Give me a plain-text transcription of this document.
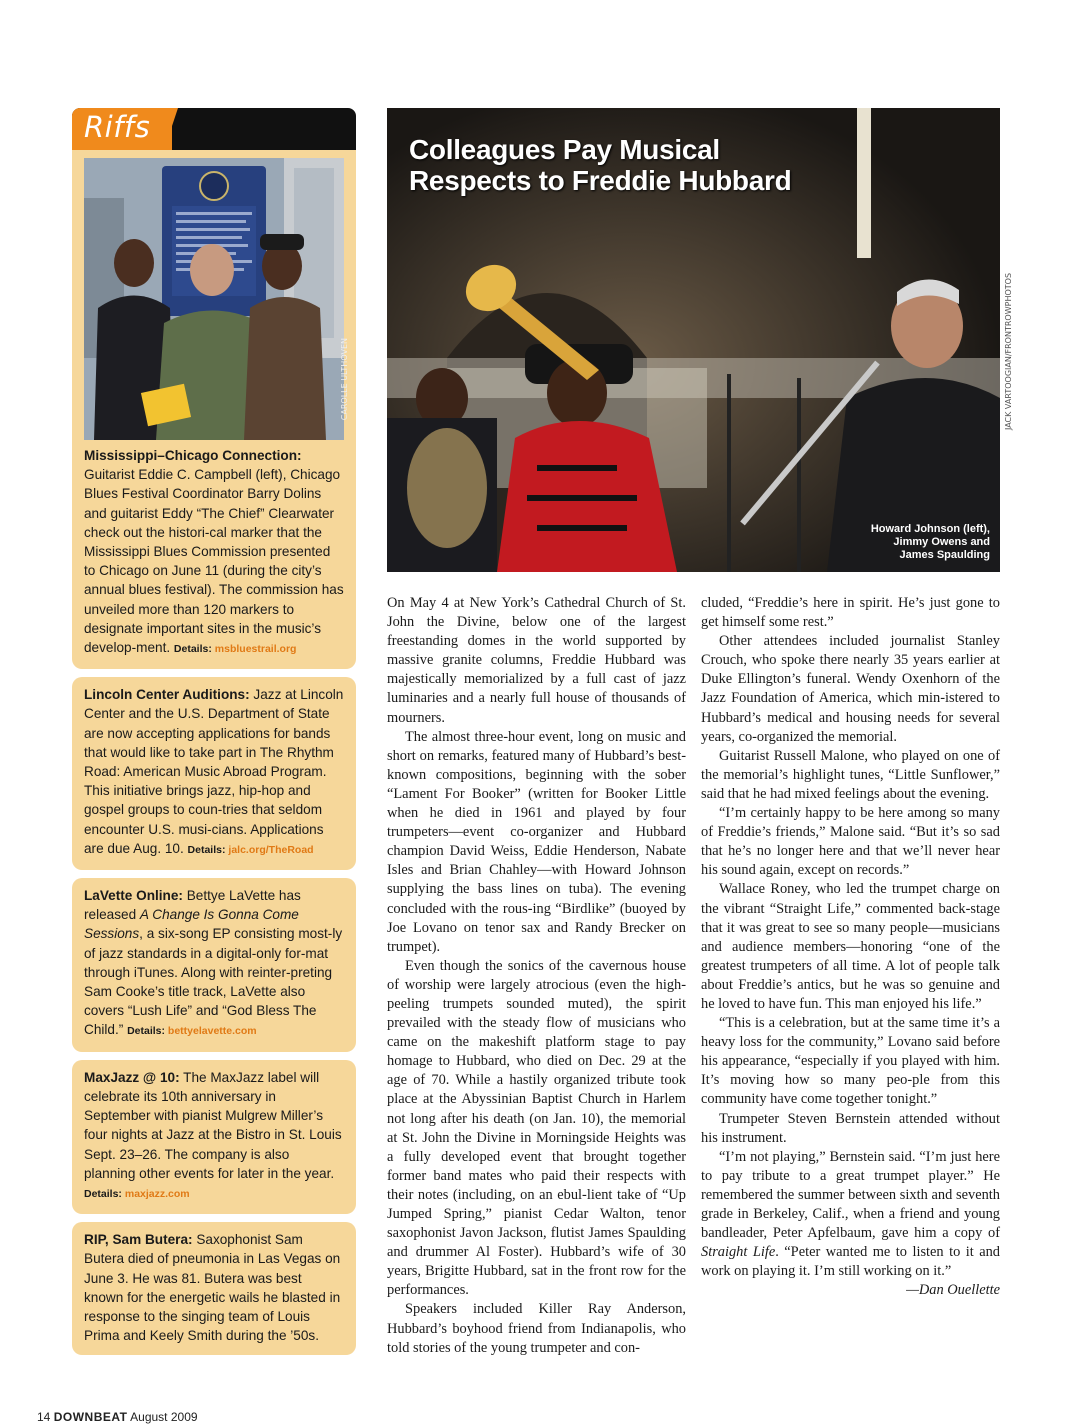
Riffs
CAROLLE ULTHOVEN
Mississippi–Chicago Connection: Guitarist Eddie C. Campbell (left), Chicago Blues Festival Coordinator Barry Dolins and guitarist Eddy “The Chief” Clearwater check out the histori-cal marker that the Mississippi Blues Commission presented to Chicago on June 11 (during the city’s annual blues festival). The commission has unveiled more than 120 markers to designate important sites in the music’s develop-ment. Details: msbluestrail.org
Lincoln Center Auditions: Jazz at Lincoln Center and the U.S. Department of State are now accepting applications for bands that would like to take part in The Rhythm Road: American Music Abroad Program. This initiative brings jazz, hip-hop and gospel groups to coun-tries that seldom encounter U.S. musi-cians. Applications are due Aug. 10. Details: jalc.org/TheRoad
LaVette Online: Bettye LaVette has released A Change Is Gonna Come Sessions, a six-song EP consisting most-ly of jazz standards in a digital-only for-mat through iTunes. Along with reinter-preting Sam Cooke’s title track, LaVette also covers “Lush Life” and “God Bless The Child.” Details: bettyelavette.com
MaxJazz @ 10: The MaxJazz label will celebrate its 10th anniversary in September with pianist Mulgrew Miller’s four nights at Jazz at the Bistro in St. Louis Sept. 23–26. The company is also planning other events for later in the year. Details: maxjazz.com
RIP, Sam Butera: Saxophonist Sam Butera died of pneumonia in Las Vegas on June 3. He was 81. Butera was best known for the energetic wails he blasted in response to the singing team of Louis Prima and Keely Smith during the ’50s.
Colleagues Pay Musical
Respects to Freddie Hubbard
Howard Johnson (left),
Jimmy Owens and
James Spaulding
JACK VARTOOGIAN/FRONTROWPHOTOS

On May 4 at New York’s Cathedral Church of St. John the Divine, below one of the largest freestanding domes in the world supported by massive granite columns, Freddie Hubbard was majestically memorialized by a full cast of jazz luminaries and a nearly full house of thousands of mourners.

The almost three-hour event, long on music and short on remarks, featured many of Hubbard’s best-known compositions, beginning with the sober “Lament For Booker” (written for Booker Little when he died in 1961 and played by four trumpeters—event co-organizer and Hubbard champion David Weiss, Eddie Henderson, Nabate Isles and Brian Chahley—with Howard Johnson supplying the bass lines on tuba). The evening concluded with the rous-ing “Birdlike” (buoyed by Joe Lovano on tenor sax and Randy Brecker on trumpet).

Even though the sonics of the cavernous house of worship were largely atrocious (even the high-peeling trumpets sounded muted), the spirit prevailed with the steady flow of musicians who came on the makeshift platform stage to pay homage to Hubbard, who died on Dec. 29 at the age of 70. While a hastily organized tribute took place at the Abyssinian Baptist Church in Harlem not long after his death (on Jan. 10), the memorial at St. John the Divine in Morningside Heights was a fully developed event that brought together former band mates who paid their respects with their notes (including, on an ebul-lient take of “Up Jumped Spring,” pianist Cedar Walton, tenor saxophonist Javon Jackson, flutist James Spaulding and drummer Al Foster). Hubbard’s wife of 30 years, Brigitte Hubbard, sat in the front row for the performances.

Speakers included Killer Ray Anderson, Hubbard’s boyhood friend from Indianapolis, who told stories of the young trumpeter and con-

cluded, “Freddie’s here in spirit. He’s just gone to get himself some rest.”

Other attendees included journalist Stanley Crouch, who spoke there nearly 35 years earlier at Duke Ellington’s funeral. Wendy Oxenhorn of the Jazz Foundation of America, which min-istered to Hubbard’s medical and housing needs for several years, co-organized the memorial.

Guitarist Russell Malone, who played on one of the memorial’s highlight tunes, “Little Sunflower,” said that he had mixed feelings about the evening.

“I’m certainly happy to be here among so many of Freddie’s friends,” Malone said. “But it’s so sad that he’s no longer here and that we’ll never hear his sound again, except on records.”

Wallace Roney, who led the trumpet charge on the vibrant “Straight Life,” commented back-stage that it was great to see so many people—musicians and audience members—honoring “one of the greatest trumpeters of all time. A lot of people talk about Freddie’s antics, but he was so genuine and he loved to have fun. This man enjoyed his life.”

“This is a celebration, but at the same time it’s a heavy loss for the community,” Lovano said before his appearance, “especially if you played with him. It’s moving how so many peo-ple from this community have come together tonight.”

Trumpeter Steven Bernstein attended without his instrument.

“I’m not playing,” Bernstein said. “I’m just here to pay tribute to a great trumpet player.” He remembered the summer between sixth and seventh grade in Berkeley, Calif., when a friend and young bandleader, Peter Apfelbaum, gave him a copy of Straight Life. “Peter wanted me to listen to it and work on playing it. I’m still working on it.”

—Dan Ouellette
14 DOWNBEAT August 2009
